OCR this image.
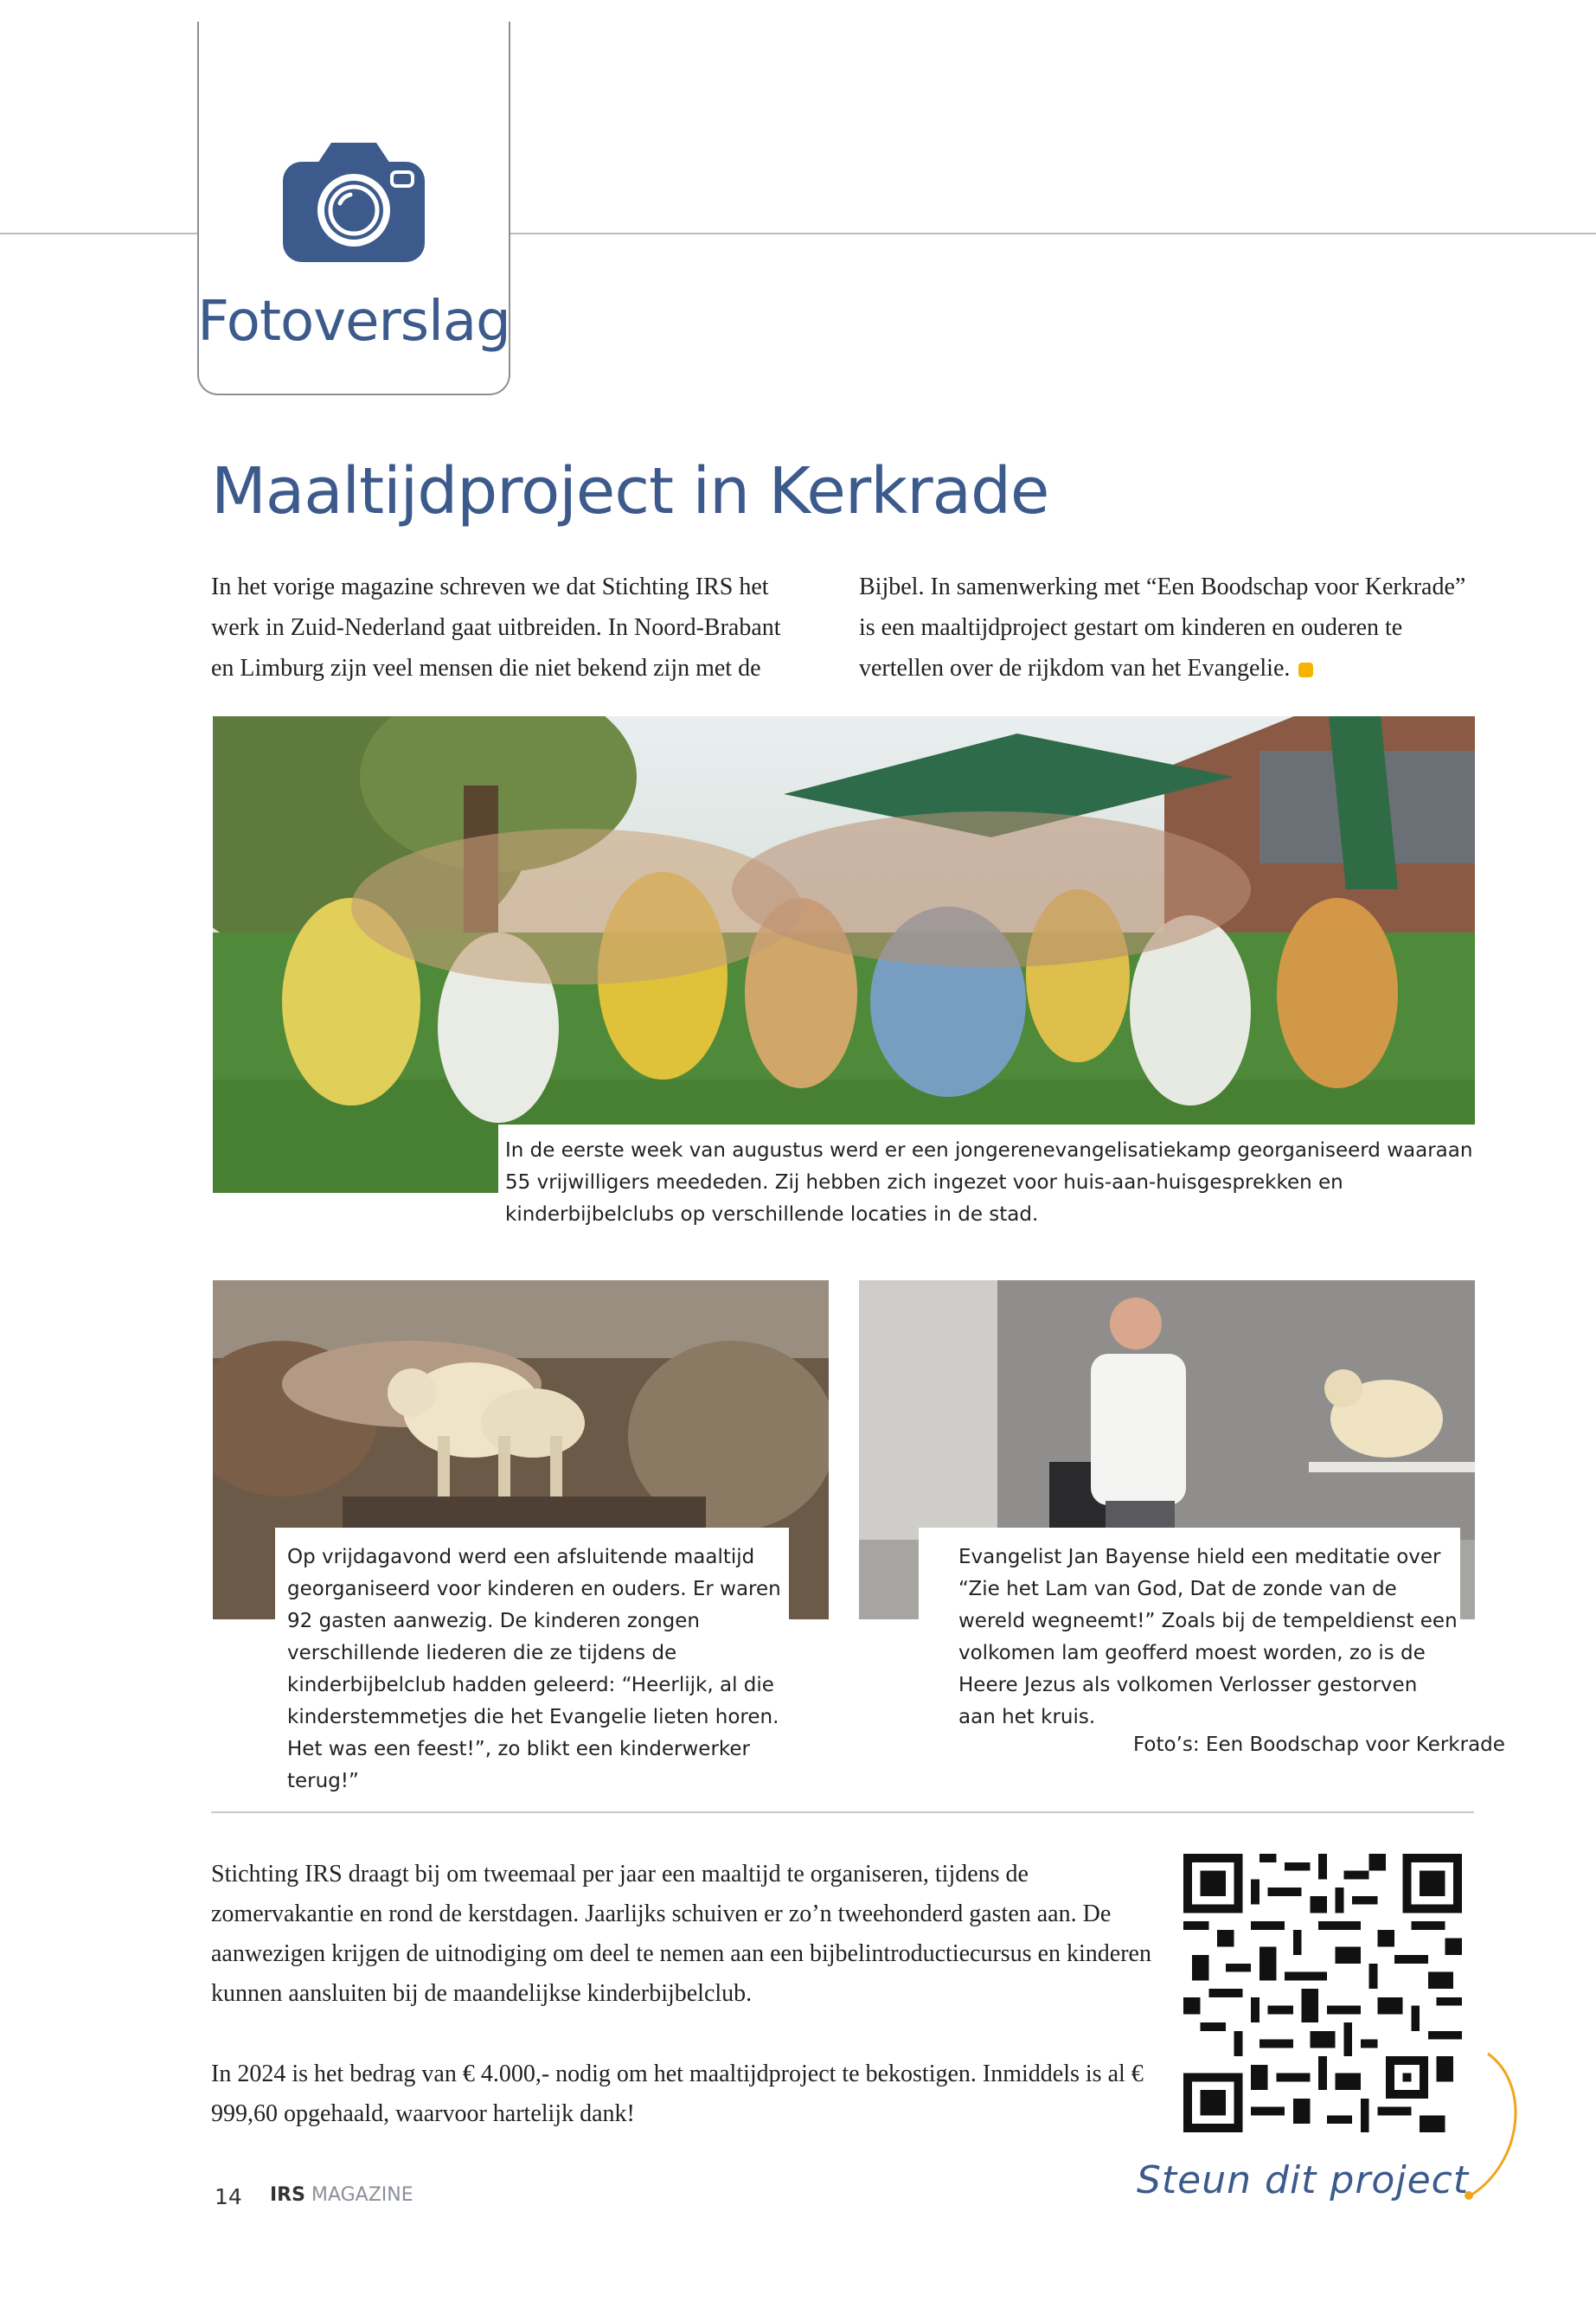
Fotoverslag
Maaltijdproject in Kerkrade
In het vorige magazine schreven we dat Stichting IRS het werk in Zuid-Nederland gaat uitbreiden. In Noord-Brabant en Limburg zijn veel mensen die niet bekend zijn met de
Bijbel. In samenwerking met “Een Boodschap voor Kerkrade” is een maaltijdproject gestart om kinderen en ouderen te vertellen over de rijkdom van het Evangelie.
In de eerste week van augustus werd er een jongerenevangelisatiekamp georganiseerd waaraan 55 vrijwilligers meededen. Zij hebben zich ingezet voor huis-aan-huisgesprekken en kinderbijbelclubs op verschillende locaties in de stad.
Op vrijdagavond werd een afsluitende maaltijd georganiseerd voor kinderen en ouders. Er waren 92 gasten aanwezig. De kinderen zongen verschillende liederen die ze tijdens de kinderbijbelclub hadden geleerd: “Heerlijk, al die kinderstemmetjes die het Evangelie lieten horen. Het was een feest!”, zo blikt een kinderwerker terug!”
Evangelist Jan Bayense hield een meditatie over “Zie het Lam van God, Dat de zonde van de wereld wegneemt!” Zoals bij de tempeldienst een volkomen lam geofferd moest worden, zo is de Heere Jezus als volkomen Verlosser gestorven aan het kruis.
Foto’s: Een Boodschap voor Kerkrade
Stichting IRS draagt bij om tweemaal per jaar een maaltijd te organiseren, tijdens de zomervakantie en rond de kerstdagen. Jaarlijks schuiven er zo’n tweehonderd gasten aan. De aanwezigen krijgen de uitnodiging om deel te nemen aan een bijbelintroductiecursus en kinderen kunnen aansluiten bij de maandelijkse kinderbijbelclub.
In 2024 is het bedrag van € 4.000,- nodig om het maaltijdproject te bekostigen. Inmiddels is al € 999,60 opgehaald, waarvoor hartelijk dank!
Steun dit project
14 IRS MAGAZINE
